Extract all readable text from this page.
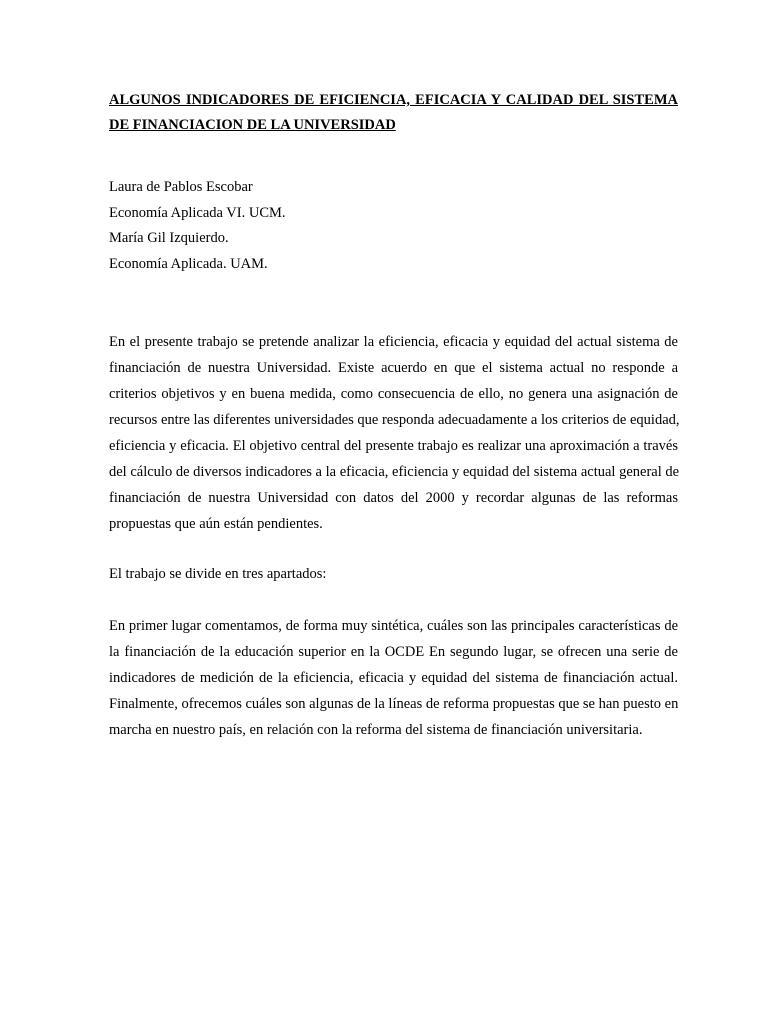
ALGUNOS INDICADORES DE EFICIENCIA, EFICACIA Y CALIDAD DEL SISTEMA
DE FINANCIACION DE LA UNIVERSIDAD
Laura de Pablos Escobar
Economía Aplicada VI. UCM.
María Gil Izquierdo.
Economía Aplicada. UAM.

En el presente trabajo se pretende analizar la eficiencia, eficacia y equidad del actual sistema de
financiación de nuestra Universidad. Existe acuerdo en que el sistema actual no responde a
criterios objetivos y en buena medida, como consecuencia de ello, no genera una asignación de
recursos entre las diferentes universidades que responda adecuadamente a los criterios de equidad,
eficiencia y eficacia. El objetivo central del presente trabajo es realizar una aproximación a través
del cálculo de diversos indicadores a la eficacia, eficiencia y equidad del sistema actual general de
financiación de nuestra Universidad con datos del 2000 y recordar algunas de las reformas
propuestas que aún están pendientes.

El trabajo se divide en tres apartados:

En primer lugar comentamos, de forma muy sintética, cuáles son las principales características de
la financiación de la educación superior en la OCDE En segundo lugar, se ofrecen una serie de
indicadores de medición de la eficiencia, eficacia y equidad del sistema de financiación actual.
Finalmente, ofrecemos cuáles son algunas de la líneas de reforma propuestas que se han puesto en
marcha en nuestro país, en relación con la reforma del sistema de financiación universitaria.
